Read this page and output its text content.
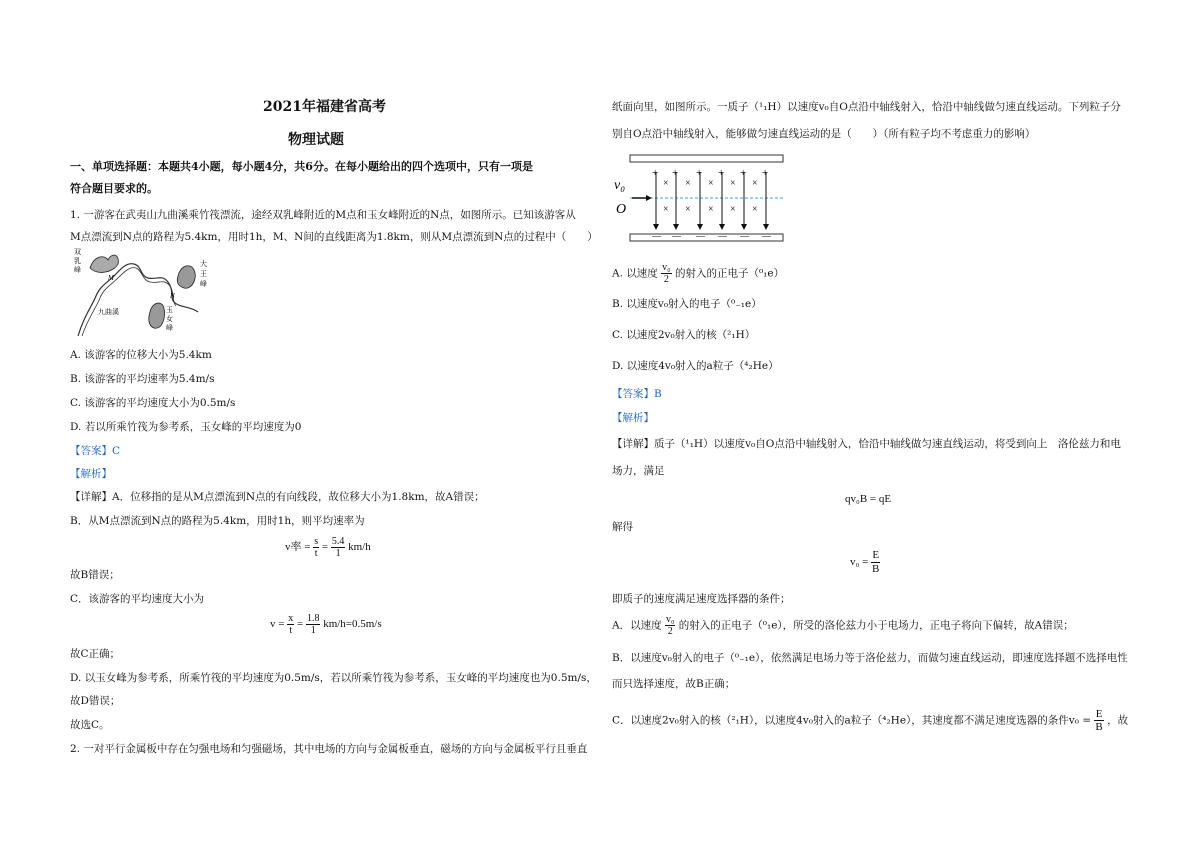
2021年福建省高考
物理试题
一、单项选择题：本题共4小题，每小题4分，共6分。在每小题给出的四个选项中，只有一项是
符合题目要求的。
1. 一游客在武夷山九曲溪乘竹筏漂流，途经双乳峰附近的M点和玉女峰附近的N点，如图所示。已知该游客从
M点漂流到N点的路程为5.4km，用时1h，M、N间的直线距离为1.8km，则从M点漂流到N点的过程中（　　）
双
乳
峰
大
王
峰
九曲溪	玉
女
峰
M
N
A. 该游客的位移大小为5.4km
B. 该游客的平均速率为5.4m/s
C. 该游客的平均速度大小为0.5m/s
D. 若以所乘竹筏为参考系，玉女峰的平均速度为0
【答案】C
【解析】
【详解】A．位移指的是从M点漂流到N点的有向线段，故位移大小为1.8km，故A错误；
B．从M点漂流到N点的路程为5.4km，用时1h，则平均速率为
v率 = $\frac{s}{t} = \frac{5.4}{1} km/h$
故B错误；
C．该游客的平均速度大小为
$v = \frac{x}{t} = \frac{1.8}{1} km/h=0.5m/s$
故C正确；
D. 以玉女峰为参考系，所乘竹筏的平均速度为0.5m/s，若以所乘竹筏为参考系，玉女峰的平均速度也为0.5m/s，
故D错误；
故选C。
2. 一对平行金属板中存在匀强电场和匀强磁场，其中电场的方向与金属板垂直，磁场的方向与金属板平行且垂直
纸面向里，如图所示。一质子（¹₁H）以速度v₀自O点沿中轴线射入，恰沿中轴线做匀速直线运动。下列粒子分
别自O点沿中轴线射入，能够做匀速直线运动的是（　　）（所有粒子均不考虑重力的影响）
v₀
O
+
—
+
—
+
—
+
—
+
—
+
—
×
×
×
×
×
×
×
×
×
×
A. 以速度 $\frac{\text{v₀}}{2}$ 的射入的正电子（⁰₁e）
B. 以速度v₀射入的电子（⁰₋₁e）
C. 以速度2v₀射入的核（²₁H）
D. 以速度4v₀射入的a粒子（⁴₂He）
【答案】B
【解析】
【详解】质子（¹₁H）以速度v₀自O点沿中轴线射入，恰沿中轴线做匀速直线运动，将受到向上　洛伦兹力和电
场力，满足
qv₀B = qE
解得
$v_0 = \frac{E}{B}$
即质子的速度满足速度选择器的条件；
A．以速度 $\frac{\text{v₀}}{2}$ 的射入的正电子（⁰₁e），所受的洛伦兹力小于电场力，正电子将向下偏转，故A错误；
B．以速度v₀射入的电子（⁰₋₁e），依然满足电场力等于洛伦兹力，而做匀速直线运动，即速度选择题不选择电性
而只选择速度，故B正确；
C．以速度2v₀射入的核（²₁H），以速度4v₀射入的a粒子（⁴₂He），其速度都不满足速度选器的条件$v_0 = \frac{E}{B}$ ，故
